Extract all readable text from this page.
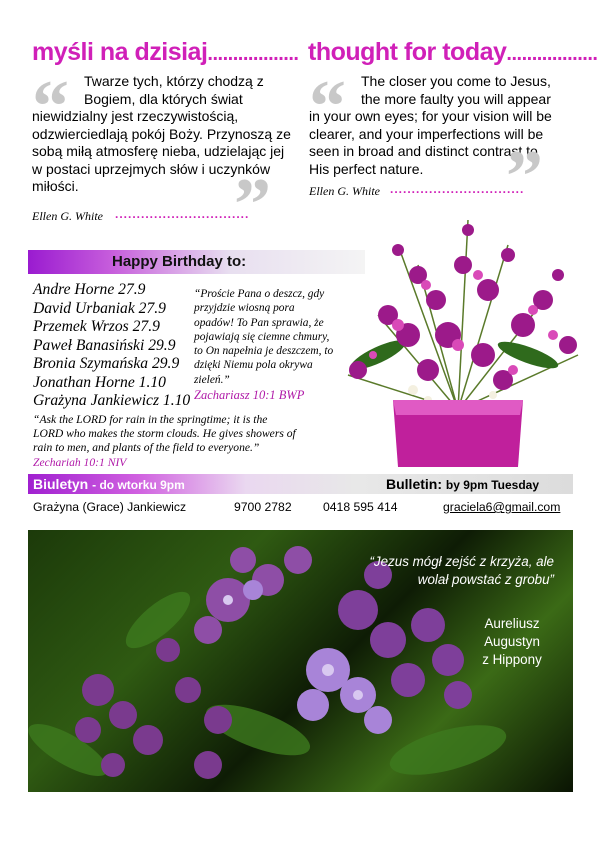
myśli na dzisiaj..................
“	Twarze tych, którzy chodzą z Bogiem, dla których świat niewidzialny jest rzeczywistością, odzwierciedlają pokój Boży. Przynoszą ze sobą miłą atmosferę nieba, udzielając jej w postaci uprzejmych słów i uczynków miłości.	”
Ellen G. White ...............................
thought for today..................
“	The closer you come to Jesus, the more faulty you will appear in your own eyes; for your vision will be clearer, and your imperfections will be seen in broad and distinct contrast to His perfect nature.	”
Ellen G. White ...............................
Happy Birthday to:
Andre Horne 27.9
David Urbaniak 27.9
Przemek Wrzos 27.9
Paweł Banasiński 29.9
Bronia Szymańska 29.9
Jonathan Horne 1.10
Grażyna Jankiewicz 1.10
“Proście Pana o deszcz, gdy przyjdzie wiosną pora opadów! To Pan sprawia, że pojawiają się ciemne chmury, to On napełnia je deszczem, to dzięki Niemu pola okrywa zieleń.”
Zachariasz 10:1 BWP
“Ask the LORD for rain in the springtime; it is the LORD who makes the storm clouds. He gives showers of rain to men, and plants of the field to everyone.”
Zechariah 10:1 NIV
Biuletyn - do wtorku 9pm	Bulletin: by 9pm Tuesday
Grażyna (Grace) Jankiewicz	9700 2782	0418 595 414	graciela6@gmail.com
“Jezus mógł zejść z krzyża, ale wolał powstać z grobu”
Aureliusz
Augustyn
z Hippony
